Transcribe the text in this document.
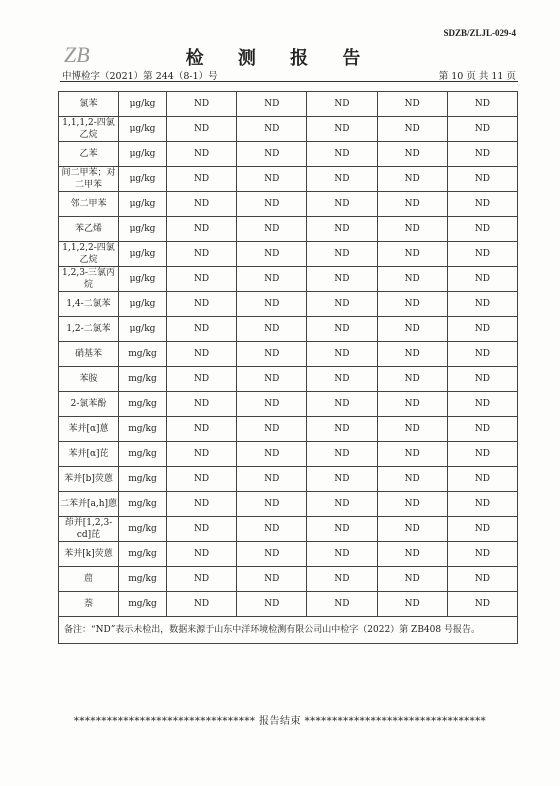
SDZB/ZLJL-029-4
ZB	检 测 报 告
中博检字（2021）第 244（8-1）号	第 10 页 共 11 页
氯苯	μg/kg	ND	ND	ND	ND	ND
1,1,1,2-四氯乙烷	μg/kg	ND	ND	ND	ND	ND
乙苯	μg/kg	ND	ND	ND	ND	ND
间二甲苯；对二甲苯	μg/kg	ND	ND	ND	ND	ND
邻二甲苯	μg/kg	ND	ND	ND	ND	ND
苯乙烯	μg/kg	ND	ND	ND	ND	ND
1,1,2,2-四氯乙烷	μg/kg	ND	ND	ND	ND	ND
1,2,3-三氯丙烷	μg/kg	ND	ND	ND	ND	ND
1,4-二氯苯	μg/kg	ND	ND	ND	ND	ND
1,2-二氯苯	μg/kg	ND	ND	ND	ND	ND
硝基苯	mg/kg	ND	ND	ND	ND	ND
苯胺	mg/kg	ND	ND	ND	ND	ND
2-氯苯酚	mg/kg	ND	ND	ND	ND	ND
苯并[α]蒽	mg/kg	ND	ND	ND	ND	ND
苯并[α]芘	mg/kg	ND	ND	ND	ND	ND
苯并[b]荧蒽	mg/kg	ND	ND	ND	ND	ND
二苯并[a,h]蒽	mg/kg	ND	ND	ND	ND	ND
茚并[1,2,3-cd]芘	mg/kg	ND	ND	ND	ND	ND
苯并[k]荧蒽	mg/kg	ND	ND	ND	ND	ND
䓛	mg/kg	ND	ND	ND	ND	ND
萘	mg/kg	ND	ND	ND	ND	ND
备注：“ND”表示未检出，数据来源于山东中洋环境检测有限公司山中检字（2022）第 ZB408 号报告。						
********************************* 报告结束 *********************************
